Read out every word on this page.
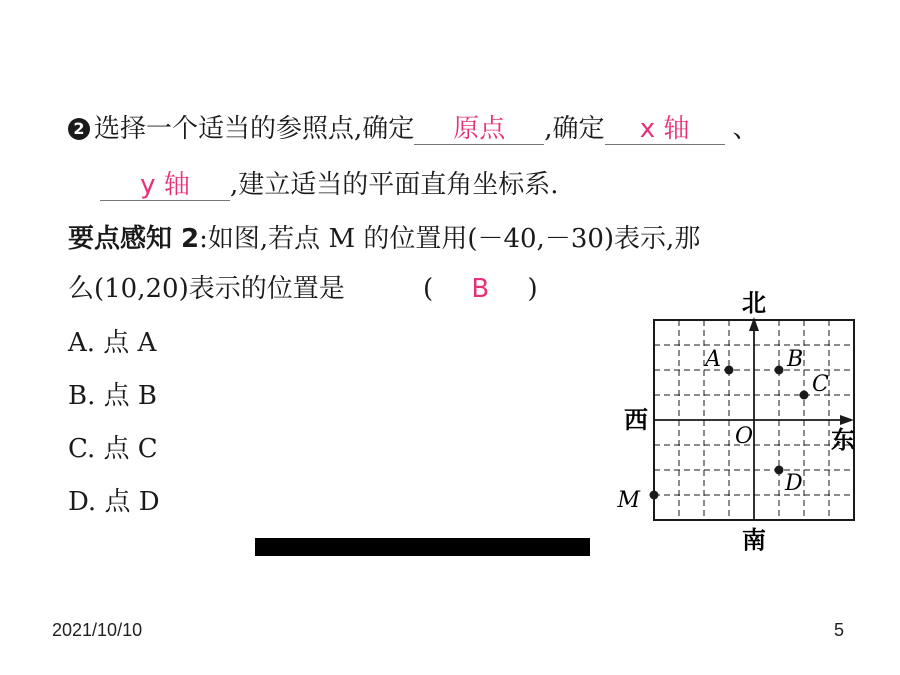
2 选择一个适当的参照点,确定 原点 ,确定 x 轴 、
y 轴 ,建立适当的平面直角坐标系.
要点感知 2:如图,若点 M 的位置用(－40,－30)表示,那
么(10,20)表示的位置是	( B )
A. 点 A
B. 点 B
C. 点 C
D. 点 D
北
南
西
东
O
A	B
C
D
M
2021/10/10	5
